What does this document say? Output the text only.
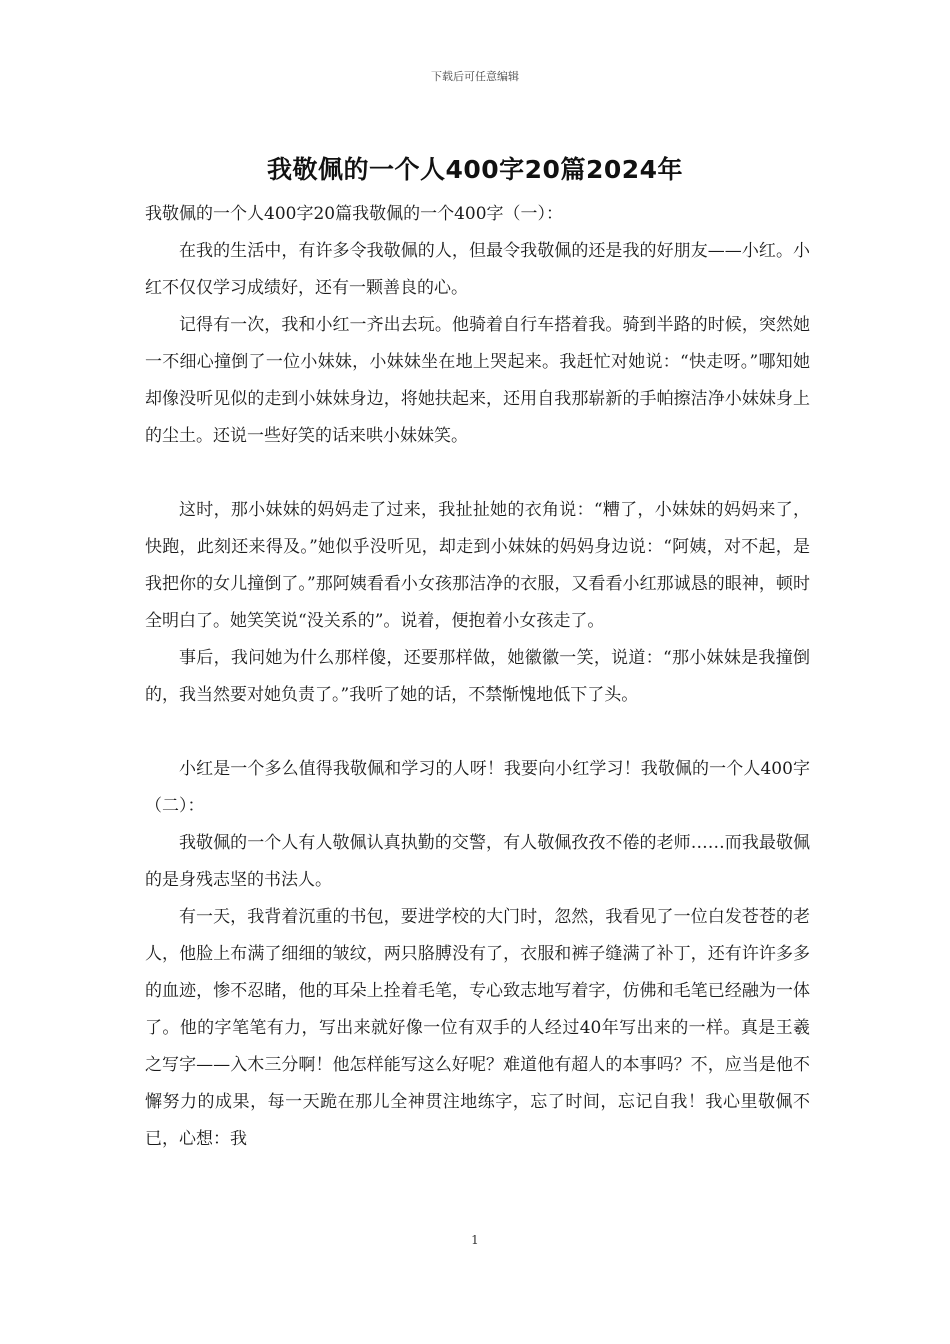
下载后可任意编辑
我敬佩的一个人400字20篇2024年

我敬佩的一个人400字20篇我敬佩的一个400字（一）：

在我的生活中，有许多令我敬佩的人，但最令我敬佩的还是我的好朋友——小红。小红不仅仅学习成绩好，还有一颗善良的心。

记得有一次，我和小红一齐出去玩。他骑着自行车搭着我。骑到半路的时候，突然她一不细心撞倒了一位小妹妹，小妹妹坐在地上哭起来。我赶忙对她说：“快走呀。”哪知她却像没听见似的走到小妹妹身边，将她扶起来，还用自我那崭新的手帕擦洁净小妹妹身上的尘土。还说一些好笑的话来哄小妹妹笑。

这时，那小妹妹的妈妈走了过来，我扯扯她的衣角说：“糟了，小妹妹的妈妈来了，快跑，此刻还来得及。”她似乎没听见，却走到小妹妹的妈妈身边说：“阿姨，对不起，是我把你的女儿撞倒了。”那阿姨看看小女孩那洁净的衣服，又看看小红那诚恳的眼神，顿时全明白了。她笑笑说“没关系的”。说着，便抱着小女孩走了。

事后，我问她为什么那样傻，还要那样做，她徽徽一笑，说道：“那小妹妹是我撞倒的，我当然要对她负责了。”我听了她的话，不禁惭愧地低下了头。

小红是一个多么值得我敬佩和学习的人呀！我要向小红学习！我敬佩的一个人400字（二）：

我敬佩的一个人有人敬佩认真执勤的交警，有人敬佩孜孜不倦的老师……而我最敬佩的是身残志坚的书法人。

有一天，我背着沉重的书包，要进学校的大门时，忽然，我看见了一位白发苍苍的老人，他脸上布满了细细的皱纹，两只胳膊没有了，衣服和裤子缝满了补丁，还有许许多多的血迹，惨不忍睹，他的耳朵上拴着毛笔，专心致志地写着字，仿佛和毛笔已经融为一体了。他的字笔笔有力，写出来就好像一位有双手的人经过40年写出来的一样。真是王羲之写字——入木三分啊！他怎样能写这么好呢？难道他有超人的本事吗？不，应当是他不懈努力的成果，每一天跪在那儿全神贯注地练字，忘了时间，忘记自我！我心里敬佩不已，心想：我

1
